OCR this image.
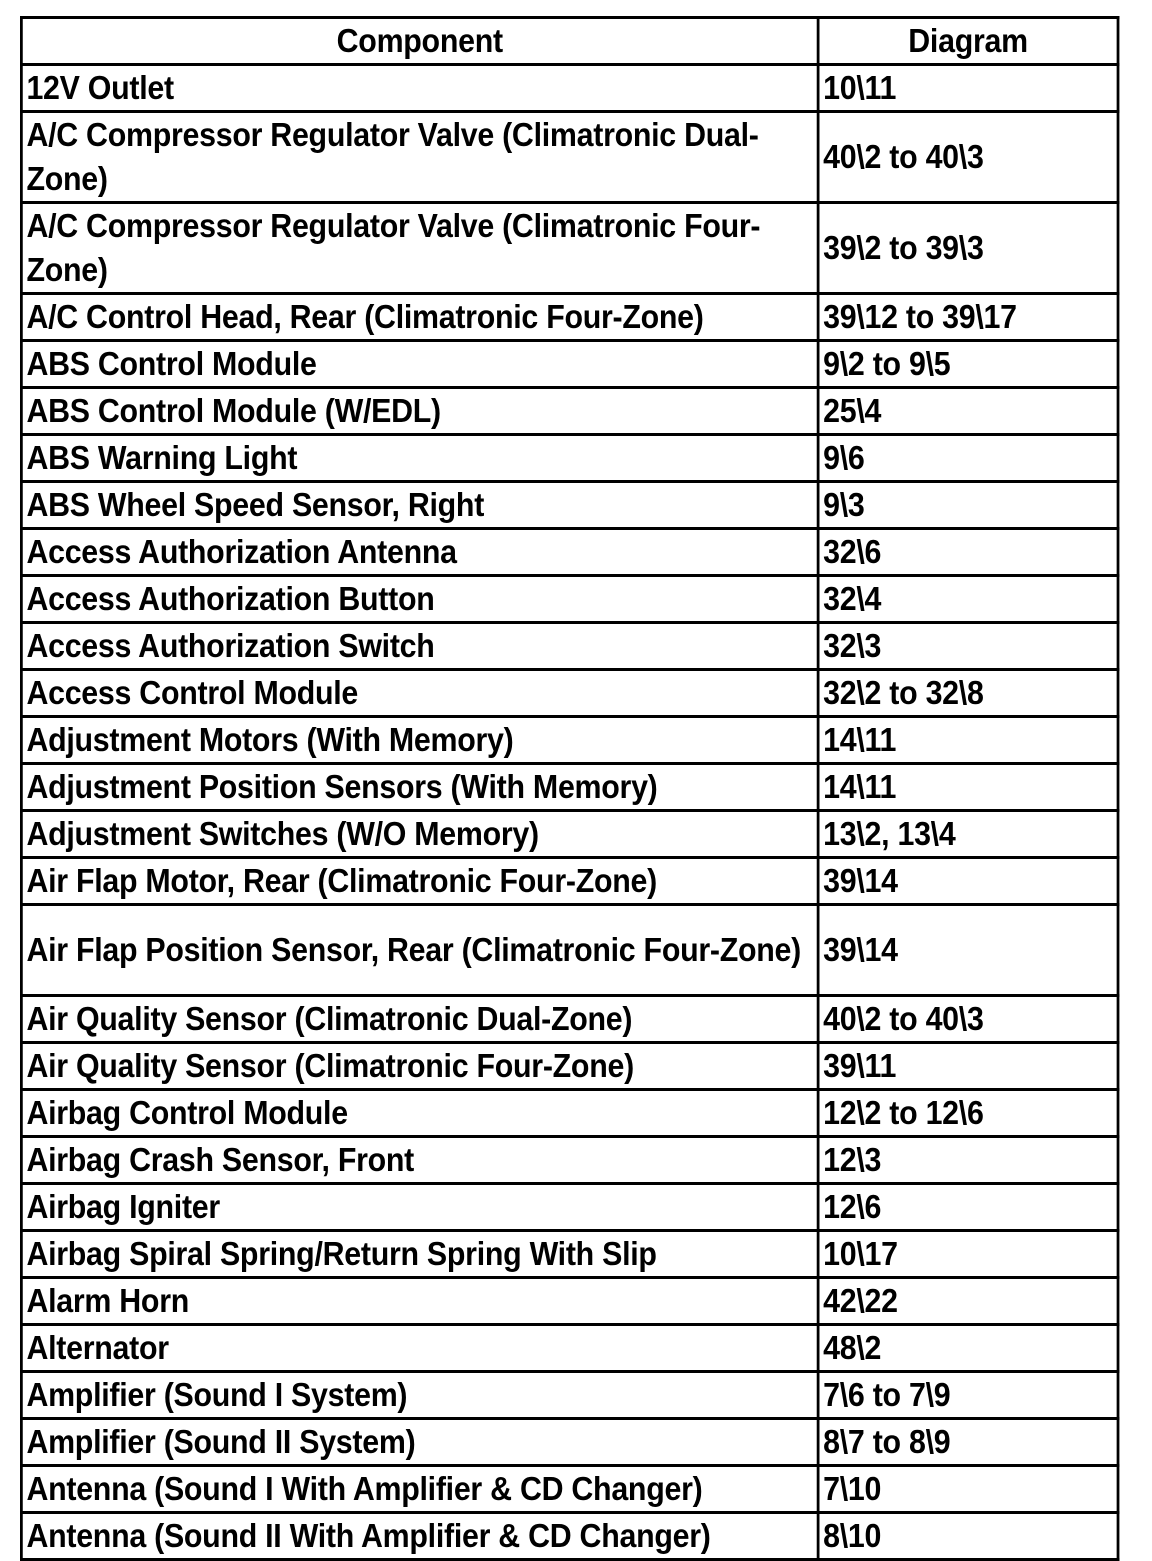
Component	Diagram
12V Outlet	10\11
A/C Compressor Regulator Valve (Climatronic Dual-Zone)	40\2 to 40\3
A/C Compressor Regulator Valve (Climatronic Four-Zone)	39\2 to 39\3
A/C Control Head, Rear (Climatronic Four-Zone)	39\12 to 39\17
ABS Control Module	9\2 to 9\5
ABS Control Module (W/EDL)	25\4
ABS Warning Light	9\6
ABS Wheel Speed Sensor, Right	9\3
Access Authorization Antenna	32\6
Access Authorization Button	32\4
Access Authorization Switch	32\3
Access Control Module	32\2 to 32\8
Adjustment Motors (With Memory)	14\11
Adjustment Position Sensors (With Memory)	14\11
Adjustment Switches (W/O Memory)	13\2, 13\4
Air Flap Motor, Rear (Climatronic Four-Zone)	39\14
Air Flap Position Sensor, Rear (Climatronic Four-Zone)	39\14
Air Quality Sensor (Climatronic Dual-Zone)	40\2 to 40\3
Air Quality Sensor (Climatronic Four-Zone)	39\11
Airbag Control Module	12\2 to 12\6
Airbag Crash Sensor, Front	12\3
Airbag Igniter	12\6
Airbag Spiral Spring/Return Spring With Slip	10\17
Alarm Horn	42\22
Alternator	48\2
Amplifier (Sound I System)	7\6 to 7\9
Amplifier (Sound II System)	8\7 to 8\9
Antenna (Sound I With Amplifier & CD Changer)	7\10
Antenna (Sound II With Amplifier & CD Changer)	8\10
